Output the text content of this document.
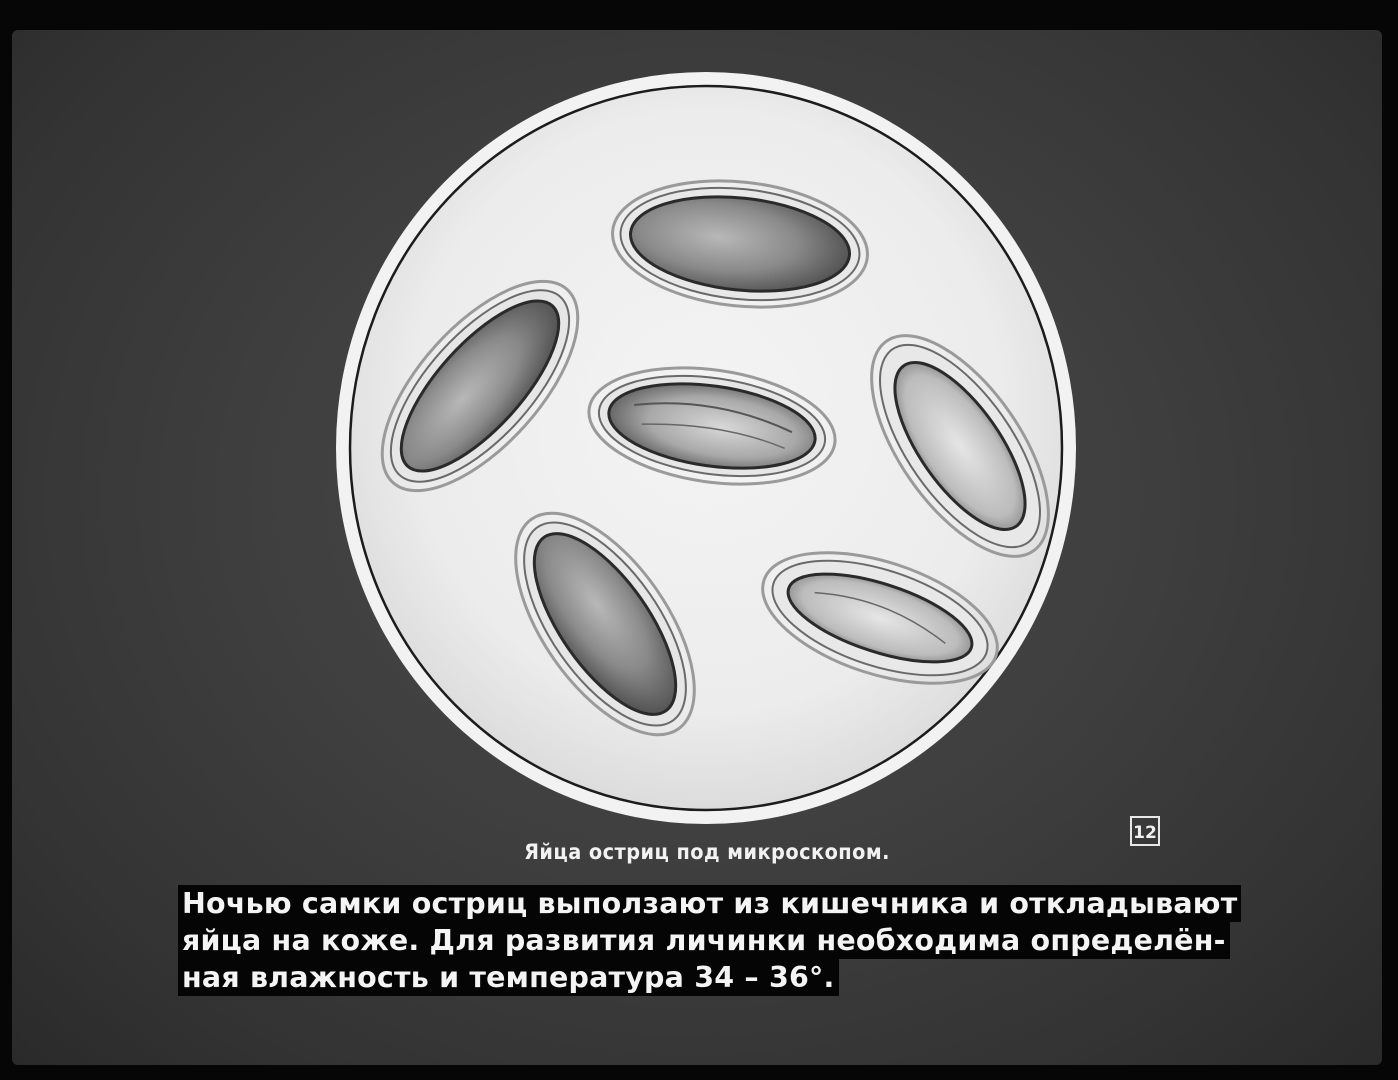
12
Яйца остриц под микроскопом.
Ночью самки остриц выползают из кишечника и откладывают
яйца на коже. Для развития личинки необходима определён-
ная влажность и температура 34 – 36°.
